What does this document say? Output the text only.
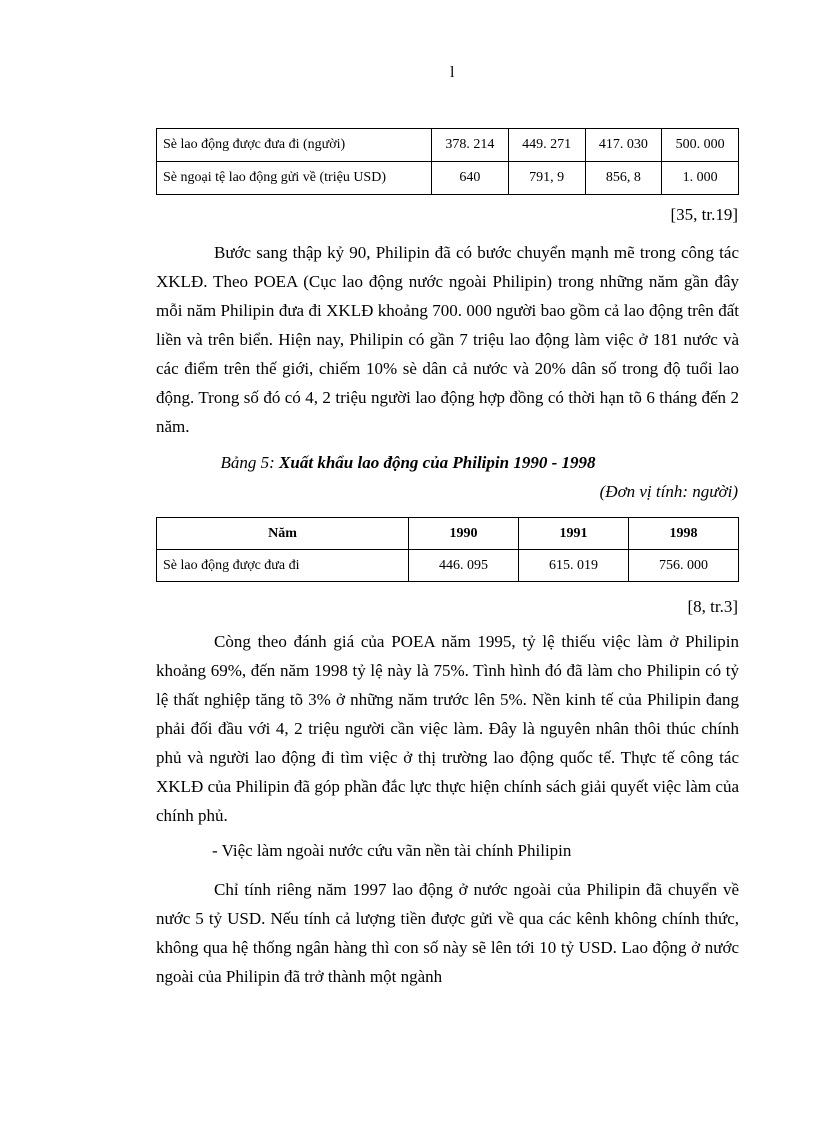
l
Sè lao động được đưa đi (người)	378. 214	449. 271	417. 030	500. 000
Sè ngoại tệ lao động gửi về (triệu USD)	640	791, 9	856, 8	1. 000
[35, tr.19]

Bước sang thập kỷ 90, Philipin đã có bước chuyển mạnh mẽ trong công tác XKLĐ. Theo POEA (Cục lao động nước ngoài Philipin) trong những năm gần đây mỗi năm Philipin đưa đi XKLĐ khoảng 700. 000 người bao gồm cả lao động trên đất liền và trên biển. Hiện nay, Philipin có gần 7 triệu lao động làm việc ở 181 nước và các điểm trên thế giới, chiếm 10% sè dân cả nước và 20% dân số trong độ tuổi lao động. Trong số đó có 4, 2 triệu người lao động hợp đồng có thời hạn tõ 6 tháng đến 2 năm.

Bảng 5: Xuất khẩu lao động của Philipin 1990 - 1998
(Đơn vị tính: người)
Năm	1990	1991	1998
Sè lao động được đưa đi	446. 095	615. 019	756. 000
[8, tr.3]

Còng theo đánh giá của POEA năm 1995, tỷ lệ thiếu việc làm ở Philipin khoảng 69%, đến năm 1998 tỷ lệ này là 75%. Tình hình đó đã làm cho Philipin có tỷ lệ thất nghiệp tăng tõ 3% ở những năm trước lên 5%. Nền kinh tế của Philipin đang phải đối đầu với 4, 2 triệu người cần việc làm. Đây là nguyên nhân thôi thúc chính phủ và người lao động đi tìm việc ở thị trường lao động quốc tế. Thực tế công tác XKLĐ của Philipin đã góp phần đắc lực thực hiện chính sách giải quyết việc làm của chính phủ.

- Việc làm ngoài nước cứu vãn nền tài chính Philipin

Chỉ tính riêng năm 1997 lao động ở nước ngoài của Philipin đã chuyển về nước 5 tỷ USD. Nếu tính cả lượng tiền được gửi về qua các kênh không chính thức, không qua hệ thống ngân hàng thì con số này sẽ lên tới 10 tỷ USD. Lao động ở nước ngoài của Philipin đã trở thành một ngành
